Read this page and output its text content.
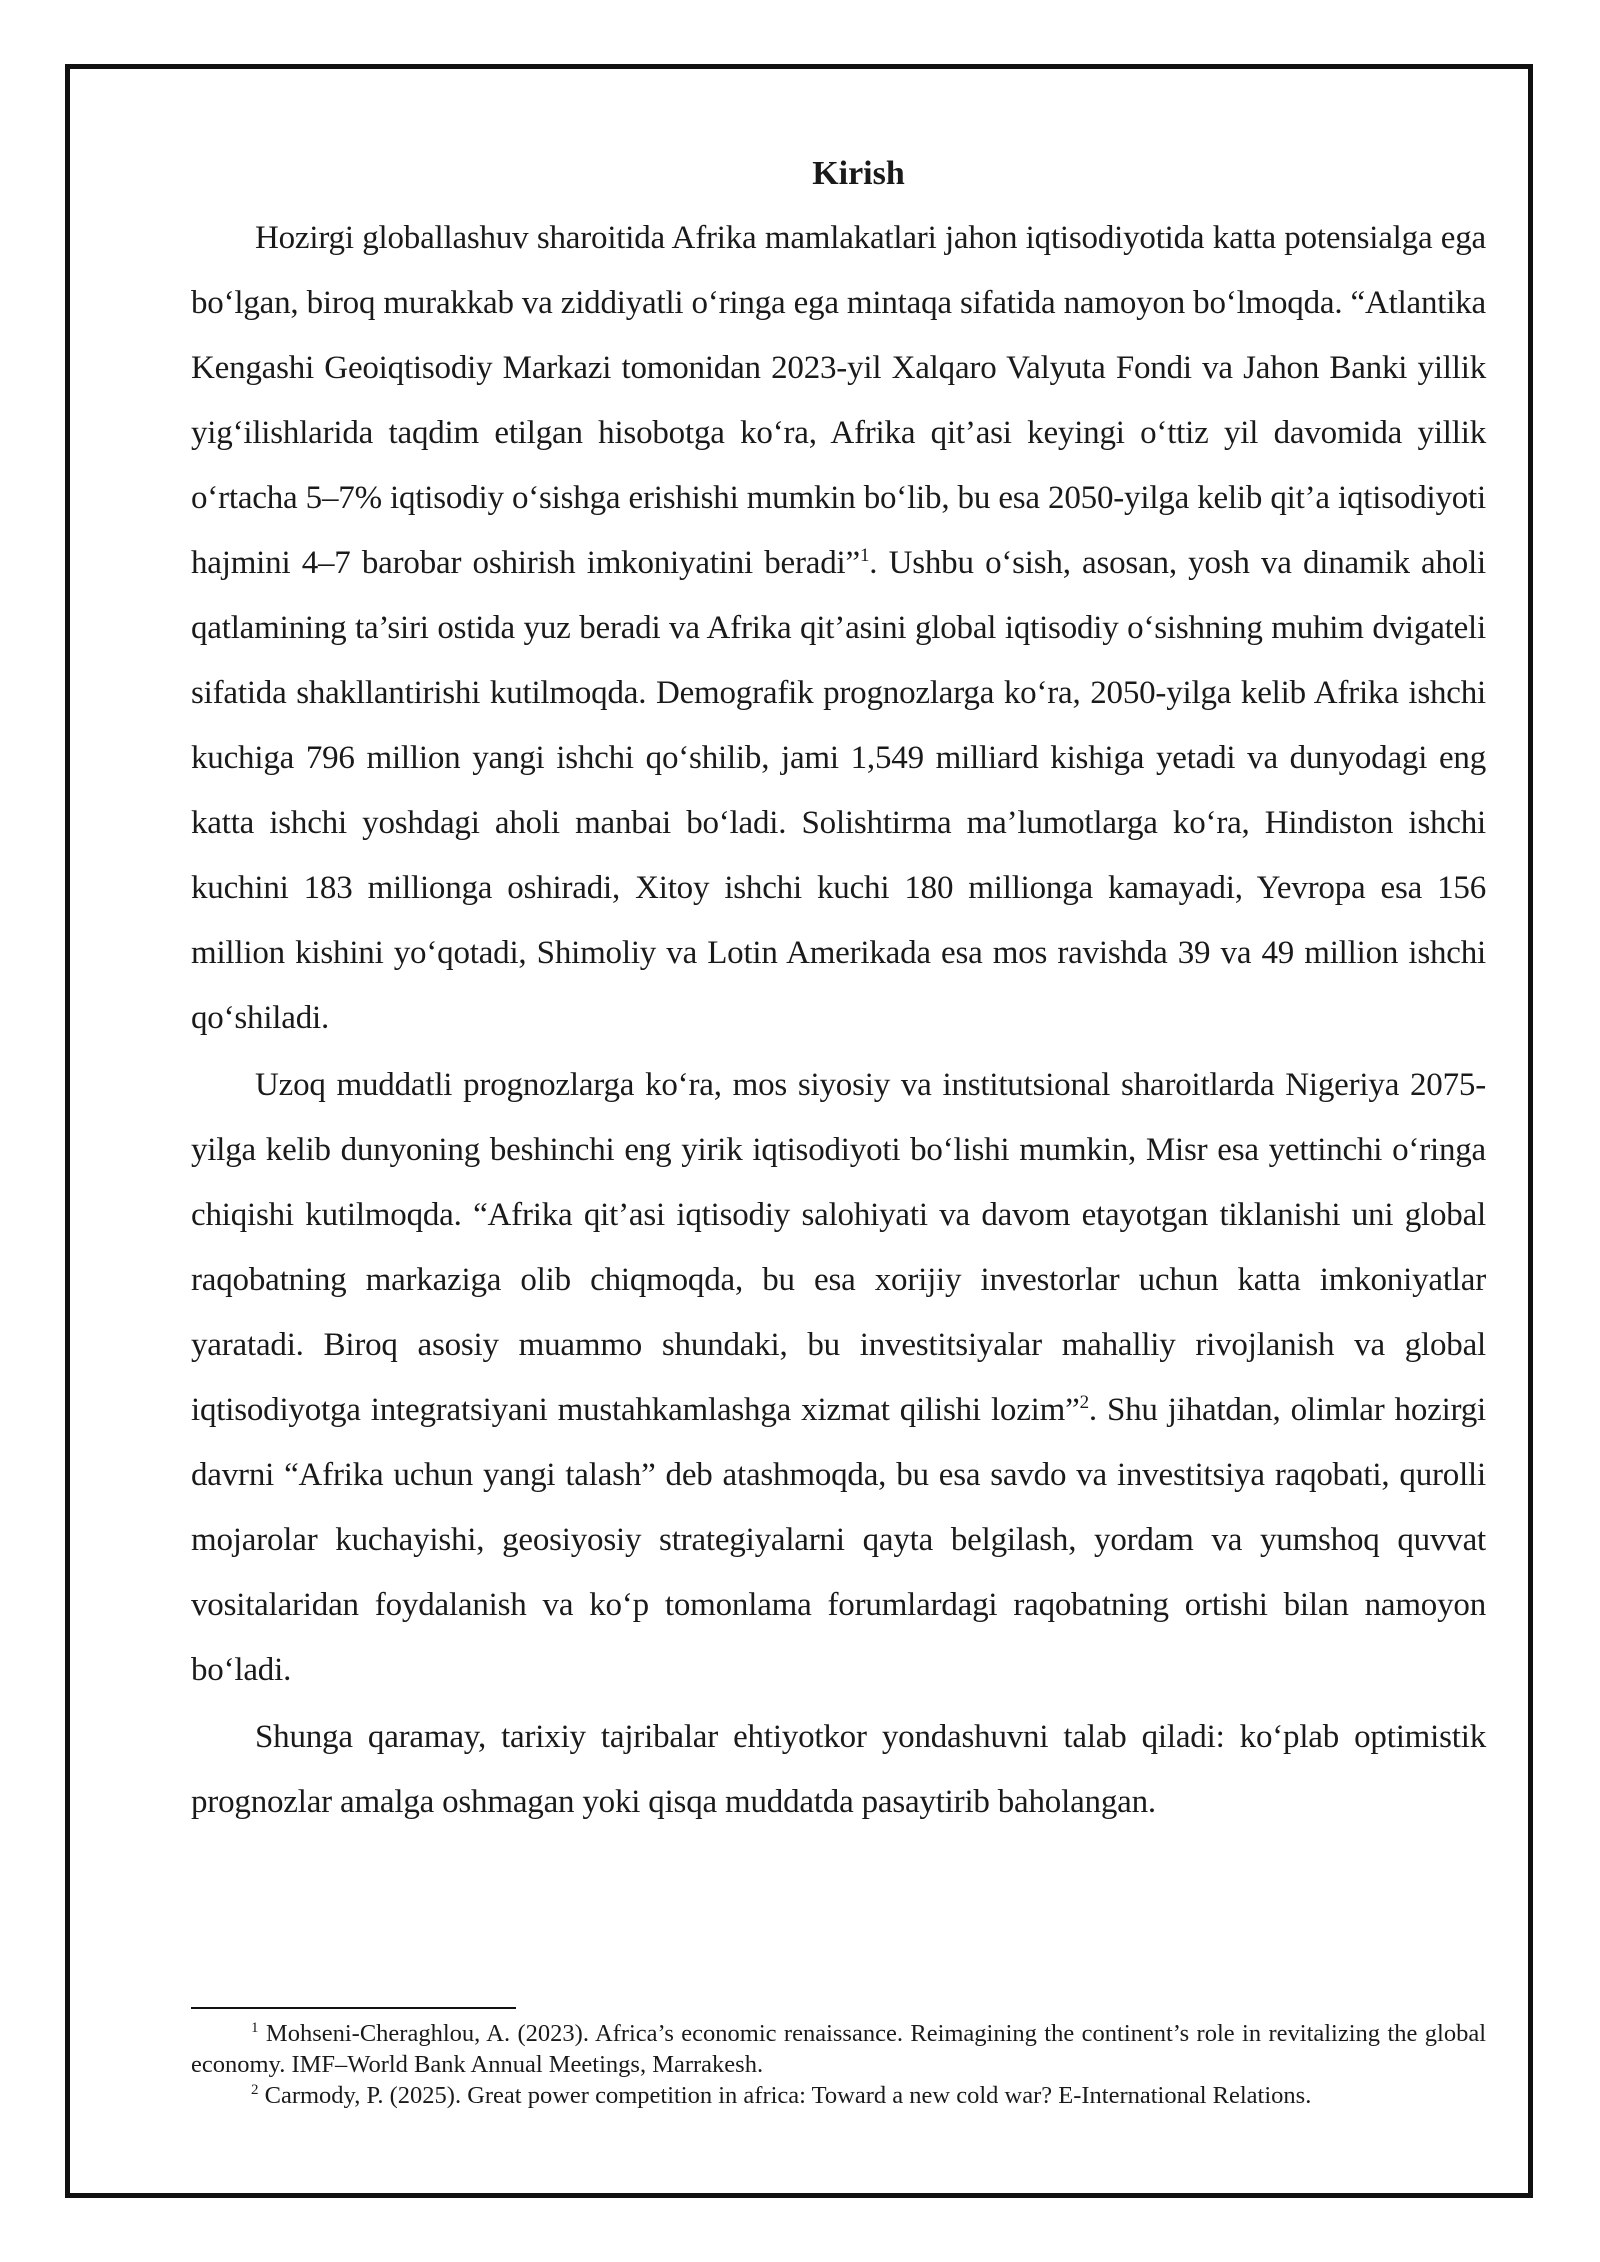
Kirish

Hozirgi globallashuv sharoitida Afrika mamlakatlari jahon iqtisodiyotida katta potensialga ega bo‘lgan, biroq murakkab va ziddiyatli o‘ringa ega mintaqa sifatida namoyon bo‘lmoqda. “Atlantika Kengashi Geoiqtisodiy Markazi tomonidan 2023-yil Xalqaro Valyuta Fondi va Jahon Banki yillik yig‘ilishlarida taqdim etilgan hisobotga ko‘ra, Afrika qit’asi keyingi o‘ttiz yil davomida yillik o‘rtacha 5–7% iqtisodiy o‘sishga erishishi mumkin bo‘lib, bu esa 2050-yilga kelib qit’a iqtisodiyoti hajmini 4–7 barobar oshirish imkoniyatini beradi”$^1$. Ushbu o‘sish, asosan, yosh va dinamik aholi qatlamining ta’siri ostida yuz beradi va Afrika qit’asini global iqtisodiy o‘sishning muhim dvigateli sifatida shakllantirishi kutilmoqda. Demografik prognozlarga ko‘ra, 2050-yilga kelib Afrika ishchi kuchiga 796 million yangi ishchi qo‘shilib, jami 1,549 milliard kishiga yetadi va dunyodagi eng katta ishchi yoshdagi aholi manbai bo‘ladi. Solishtirma ma’lumotlarga ko‘ra, Hindiston ishchi kuchini 183 millionga oshiradi, Xitoy ishchi kuchi 180 millionga kamayadi, Yevropa esa 156 million kishini yo‘qotadi, Shimoliy va Lotin Amerikada esa mos ravishda 39 va 49 million ishchi qo‘shiladi.

Uzoq muddatli prognozlarga ko‘ra, mos siyosiy va institutsional sharoitlarda Nigeriya 2075-yilga kelib dunyoning beshinchi eng yirik iqtisodiyoti bo‘lishi mumkin, Misr esa yettinchi o‘ringa chiqishi kutilmoqda. “Afrika qit’asi iqtisodiy salohiyati va davom etayotgan tiklanishi uni global raqobatning markaziga olib chiqmoqda, bu esa xorijiy investorlar uchun katta imkoniyatlar yaratadi. Biroq asosiy muammo shundaki, bu investitsiyalar mahalliy rivojlanish va global iqtisodiyotga integratsiyani mustahkamlashga xizmat qilishi lozim”$^2$. Shu jihatdan, olimlar hozirgi davrni “Afrika uchun yangi talash” deb atashmoqda, bu esa savdo va investitsiya raqobati, qurolli mojarolar kuchayishi, geosiyosiy strategiyalarni qayta belgilash, yordam va yumshoq quvvat vositalaridan foydalanish va ko‘p tomonlama forumlardagi raqobatning ortishi bilan namoyon bo‘ladi.

Shunga qaramay, tarixiy tajribalar ehtiyotkor yondashuvni talab qiladi: ko‘plab optimistik prognozlar amalga oshmagan yoki qisqa muddatda pasaytirib baholangan.

$^1$ Mohseni-Cheraghlou, A. (2023). Africa’s economic renaissance. Reimagining the continent’s role in revitalizing the global economy. IMF–World Bank Annual Meetings, Marrakesh.

$^2$ Carmody, P. (2025). Great power competition in africa: Toward a new cold war? E-International Relations.
